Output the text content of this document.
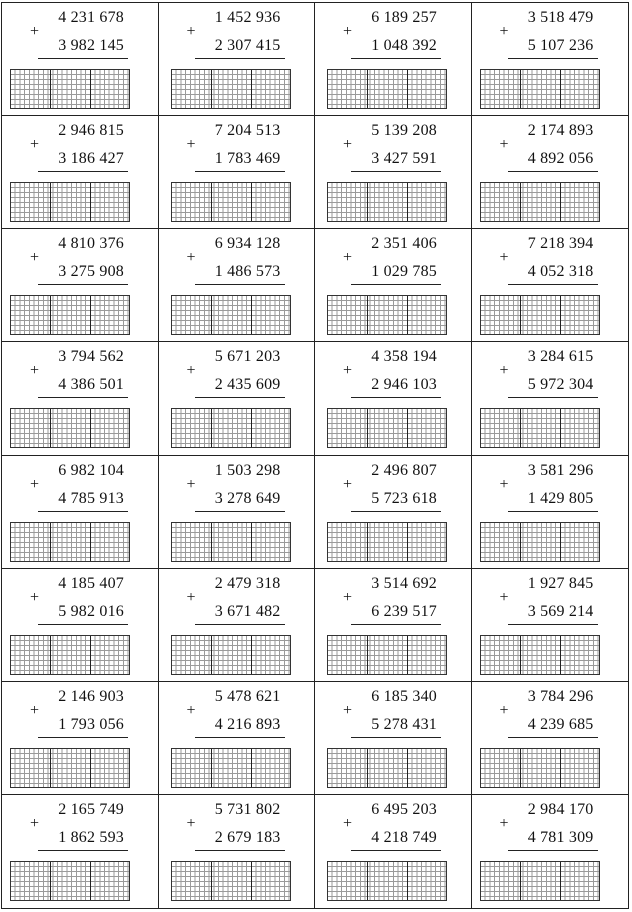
4 231 678
+
3 982 145
1 452 936
+
2 307 415
6 189 257
+
1 048 392
3 518 479
+
5 107 236
2 946 815
+
3 186 427
7 204 513
+
1 783 469
5 139 208
+
3 427 591
2 174 893
+
4 892 056
4 810 376
+
3 275 908
6 934 128
+
1 486 573
2 351 406
+
1 029 785
7 218 394
+
4 052 318
3 794 562
+
4 386 501
5 671 203
+
2 435 609
4 358 194
+
2 946 103
3 284 615
+
5 972 304
6 982 104
+
4 785 913
1 503 298
+
3 278 649
2 496 807
+
5 723 618
3 581 296
+
1 429 805
4 185 407
+
5 982 016
2 479 318
+
3 671 482
3 514 692
+
6 239 517
1 927 845
+
3 569 214
2 146 903
+
1 793 056
5 478 621
+
4 216 893
6 185 340
+
5 278 431
3 784 296
+
4 239 685
2 165 749
+
1 862 593
5 731 802
+
2 679 183
6 495 203
+
4 218 749
2 984 170
+
4 781 309
